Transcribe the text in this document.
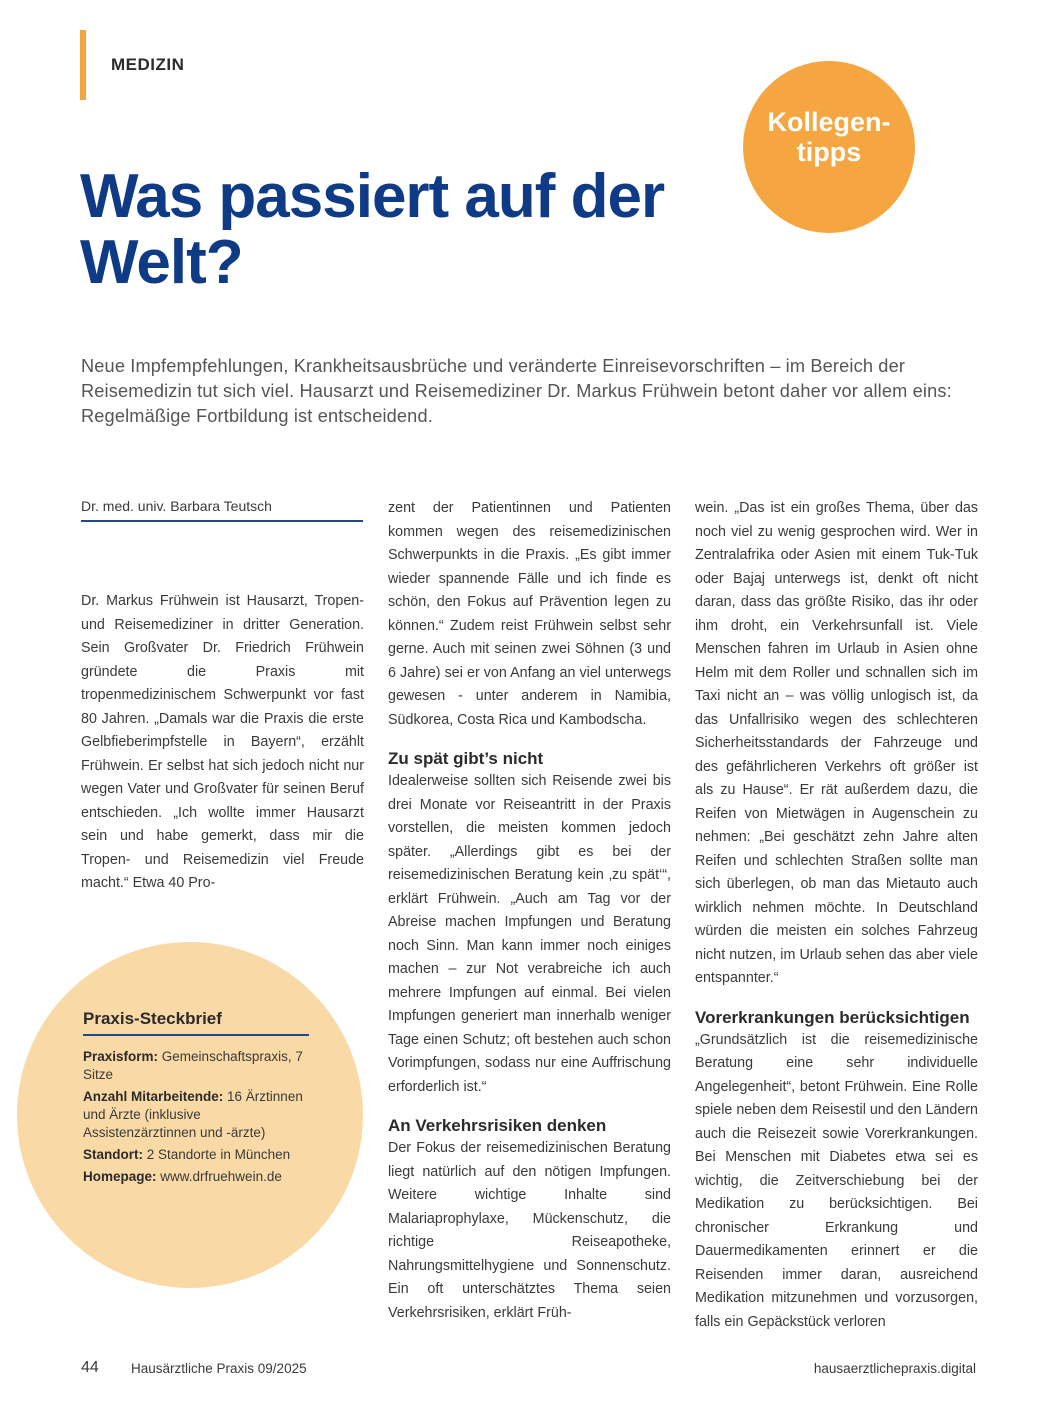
MEDIZIN
Kollegen-
tipps
Was passiert auf der Welt?

Neue Impfempfehlungen, Krankheitsausbrüche und veränderte Einreisevorschriften – im Bereich der Reisemedizin tut sich viel. Hausarzt und Reisemediziner Dr. Markus Frühwein betont daher vor allem eins: Regelmäßige Fortbildung ist entscheidend.

Dr. med. univ. Barbara Teutsch

Dr. Markus Frühwein ist Hausarzt, Tropen- und Reisemediziner in dritter Generation. Sein Großvater Dr. Friedrich Frühwein gründete die Praxis mit tropenmedizinischem Schwerpunkt vor fast 80 Jahren. „Damals war die Praxis die erste Gelbfieberimpfstelle in Bayern“, erzählt Frühwein. Er selbst hat sich jedoch nicht nur wegen Vater und Großvater für seinen Beruf entschieden. „Ich wollte immer Hausarzt sein und habe gemerkt, dass mir die Tropen- und Reisemedizin viel Freude macht.“ Etwa 40 Pro-

zent der Patientinnen und Patienten kommen wegen des reisemedizinischen Schwerpunkts in die Praxis. „Es gibt immer wieder spannende Fälle und ich finde es schön, den Fokus auf Prävention legen zu können.“ Zudem reist Frühwein selbst sehr gerne. Auch mit seinen zwei Söhnen (3 und 6 Jahre) sei er von Anfang an viel unterwegs gewesen - unter anderem in Namibia, Südkorea, Costa Rica und Kambodscha.

Zu spät gibt’s nicht

Idealerweise sollten sich Reisende zwei bis drei Monate vor Reiseantritt in der Praxis vorstellen, die meisten kommen jedoch später. „Allerdings gibt es bei der reisemedizinischen Beratung kein ‚zu spät‘“, erklärt Frühwein. „Auch am Tag vor der Abreise machen Impfungen und Beratung noch Sinn. Man kann immer noch einiges machen – zur Not verabreiche ich auch mehrere Impfungen auf einmal. Bei vielen Impfungen generiert man innerhalb weniger Tage einen Schutz; oft bestehen auch schon Vorimpfungen, sodass nur eine Auffrischung erforderlich ist.“

An Verkehrsrisiken denken

Der Fokus der reisemedizinischen Beratung liegt natürlich auf den nötigen Impfungen. Weitere wichtige Inhalte sind Malariaprophylaxe, Mückenschutz, die richtige Reiseapotheke, Nahrungsmittelhygiene und Sonnenschutz. Ein oft unterschätztes Thema seien Verkehrsrisiken, erklärt Früh-

wein. „Das ist ein großes Thema, über das noch viel zu wenig gesprochen wird. Wer in Zentralafrika oder Asien mit einem Tuk-Tuk oder Bajaj unterwegs ist, denkt oft nicht daran, dass das größte Risiko, das ihr oder ihm droht, ein Verkehrsunfall ist. Viele Menschen fahren im Urlaub in Asien ohne Helm mit dem Roller und schnallen sich im Taxi nicht an – was völlig unlogisch ist, da das Unfallrisiko wegen des schlechteren Sicherheitsstandards der Fahrzeuge und des gefährlicheren Verkehrs oft größer ist als zu Hause“. Er rät außerdem dazu, die Reifen von Mietwägen in Augenschein zu nehmen: „Bei geschätzt zehn Jahre alten Reifen und schlechten Straßen sollte man sich überlegen, ob man das Mietauto auch wirklich nehmen möchte. In Deutschland würden die meisten ein solches Fahrzeug nicht nutzen, im Urlaub sehen das aber viele entspannter.“

Vorerkrankungen berücksichtigen

„Grundsätzlich ist die reisemedizinische Beratung eine sehr individuelle Angelegenheit“, betont Frühwein. Eine Rolle spiele neben dem Reisestil und den Ländern auch die Reisezeit sowie Vorerkrankungen. Bei Menschen mit Diabetes etwa sei es wichtig, die Zeitverschiebung bei der Medikation zu berücksichtigen. Bei chronischer Erkrankung und Dauermedikamenten erinnert er die Reisenden immer daran, ausreichend Medikation mitzunehmen und vorzusorgen, falls ein Gepäckstück verloren

Praxis-Steckbrief
Praxisform: Gemeinschaftspraxis, 7 Sitze
Anzahl Mitarbeitende: 16 Ärztinnen und Ärzte (inklusive Assistenzärztinnen und -ärzte)
Standort: 2 Standorte in München
Homepage: www.drfruehwein.de
44 Hausärztliche Praxis 09/2025	hausaerztlichepraxis.digital
